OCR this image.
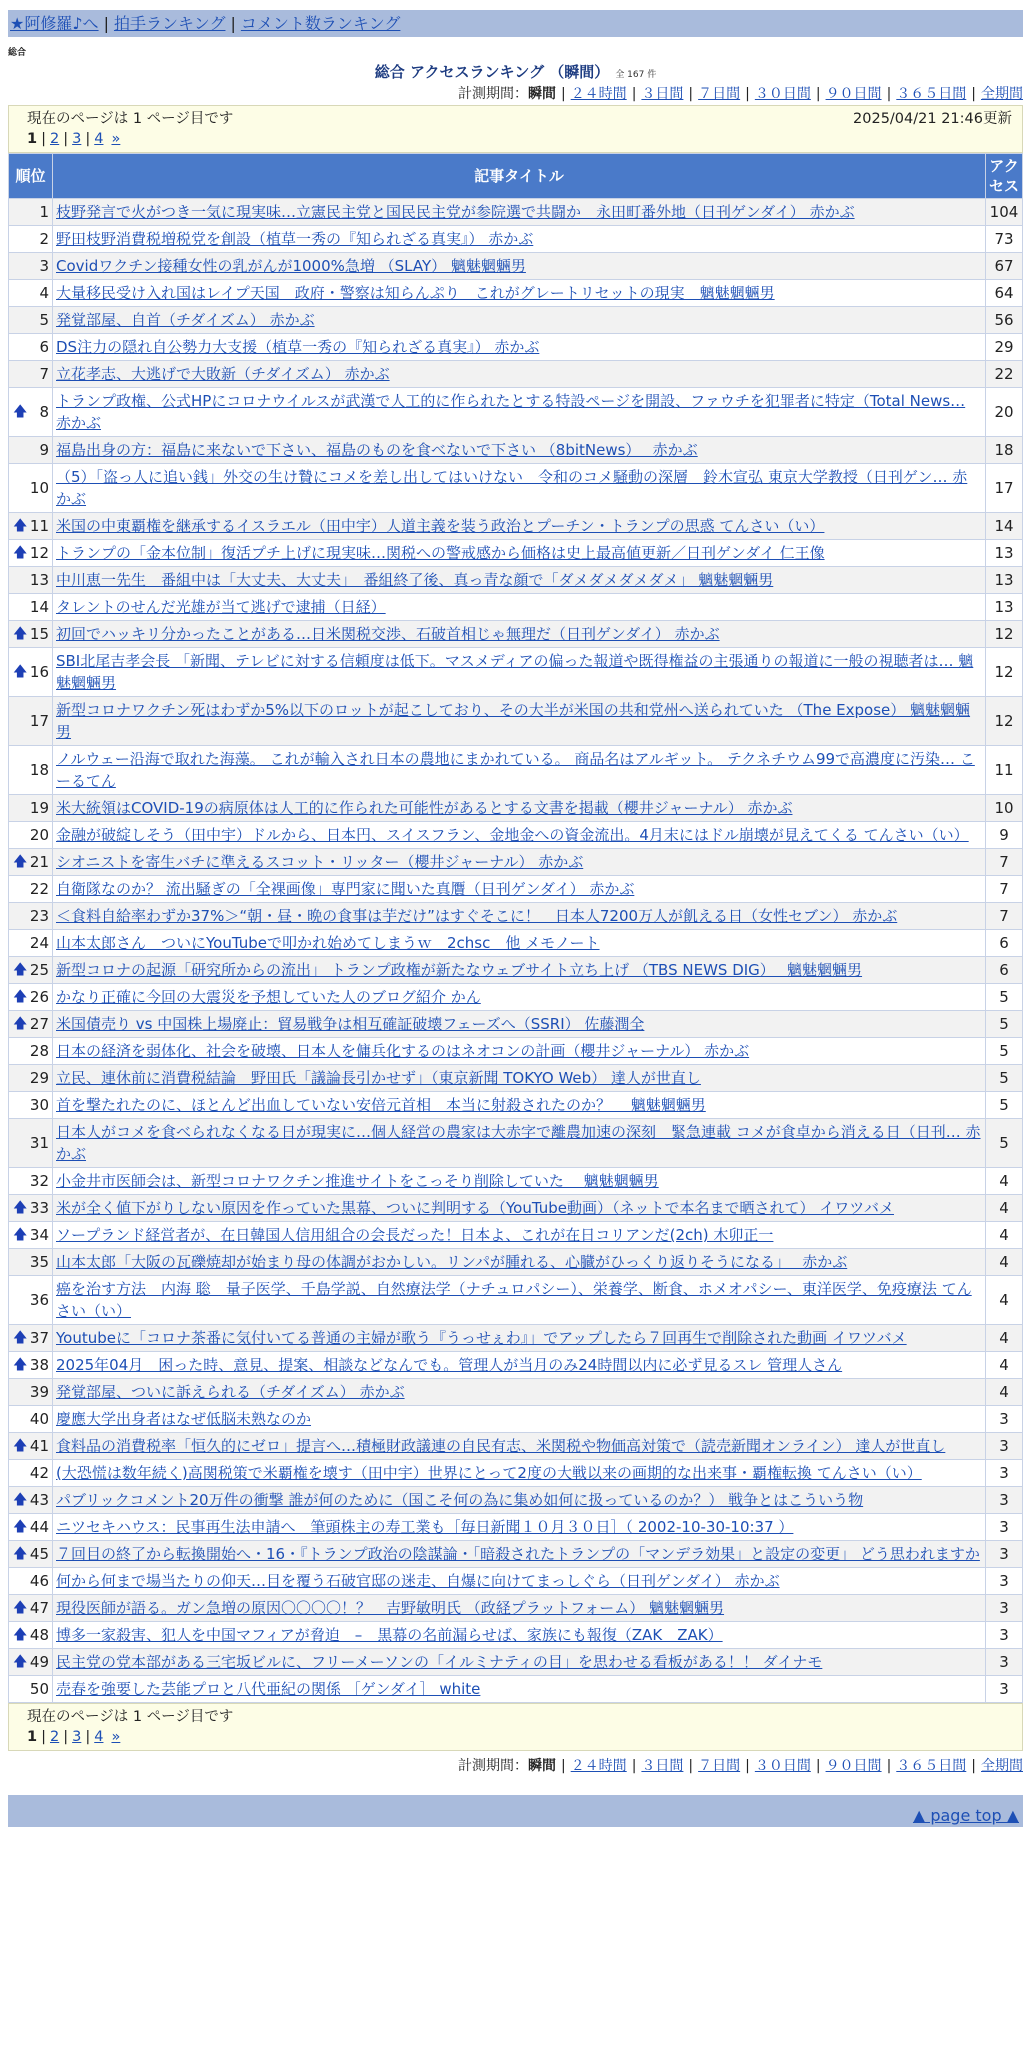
★阿修羅♪へ | 拍手ランキング | コメント数ランキング
総合
総合 アクセスランキング （瞬間） 全 167 件
計測期間：瞬間 | ２４時間 | ３日間 | ７日間 | ３０日間 | ９０日間 | ３６５日間 | 全期間
現在のページは 1 ページ目です	2025/04/21 21:46更新
1 | 2 | 3 | 4 »
順位	記事タイトル	アクセス
1	枝野発言で火がつき一気に現実味…立憲民主党と国民民主党が参院選で共闘か　永田町番外地（日刊ゲンダイ） 赤かぶ	104
2	野田枝野消費税増税党を創設（植草一秀の『知られざる真実』） 赤かぶ	73
3	Covidワクチン接種女性の乳がんが1000%急増 （SLAY） 魑魅魍魎男	67
4	大量移民受け入れ国はレイプ天国　政府・警察は知らんぷり　これがグレートリセットの現実　魑魅魍魎男	64
5	発覚部屋、自首（チダイズム） 赤かぶ	56
6	DS注力の隠れ自公勢力大支援（植草一秀の『知られざる真実』） 赤かぶ	29
7	立花孝志、大逃げで大敗新（チダイズム） 赤かぶ	22

🡅 8	トランプ政権、公式HPにコロナウイルスが武漢で人工的に作られたとする特設ページを開設、ファウチを犯罪者に特定（Total News… 赤かぶ	20
9	福島出身の方：福島に来ないで下さい、福島のものを食べないで下さい （8bitNews）　 赤かぶ	18
10	（5）「盗っ人に追い銭」外交の生け贄にコメを差し出してはいけない　令和のコメ騒動の深層　鈴木宣弘 東京大学教授（日刊ゲン… 赤かぶ	17

🡅 11	米国の中東覇権を継承するイスラエル（田中宇）人道主義を装う政治とプーチン・トランプの思惑 てんさい（い）	14

🡅 12	トランプの「金本位制」復活プチ上げに現実味…関税への警戒感から価格は史上最高値更新／日刊ゲンダイ 仁王像	13
13	中川恵一先生　番組中は「大丈夫、大丈夫」　番組終了後、真っ青な顔で「ダメダメダメダメ」 魑魅魍魎男	13
14	タレントのせんだ光雄が当て逃げで逮捕（日経）	13

🡅 15	初回でハッキリ分かったことがある…日米関税交渉、石破首相じゃ無理だ（日刊ゲンダイ） 赤かぶ	12

🡅 16	SBI北尾吉孝会長 「新聞、テレビに対する信頼度は低下。マスメディアの偏った報道や既得権益の主張通りの報道に一般の視聴者は… 魑魅魍魎男	12
17	新型コロナワクチン死はわずか5%以下のロットが起こしており、その大半が米国の共和党州へ送られていた （The Expose） 魑魅魍魎男	12
18	ノルウェー沿海で取れた海藻。 これが輸入され日本の農地にまかれている。 商品名はアルギット。 テクネチウム99で高濃度に汚染… こーるてん	11
19	米大統領はCOVID-19の病原体は人工的に作られた可能性があるとする文書を掲載（櫻井ジャーナル） 赤かぶ	10
20	金融が破綻しそう（田中宇）ドルから、日本円、スイスフラン、金地金への資金流出。4月末にはドル崩壊が見えてくる てんさい（い）	9

🡅 21	シオニストを寄生バチに準えるスコット・リッター（櫻井ジャーナル） 赤かぶ	7
22	自衛隊なのか？ 流出騒ぎの「全裸画像」専門家に聞いた真贋（日刊ゲンダイ） 赤かぶ	7
23	＜食料自給率わずか37%＞“朝・昼・晩の食事は芋だけ”はすぐそこに！　日本人7200万人が飢える日（女性セブン） 赤かぶ	7
24	山本太郎さん　ついにYouTubeで叩かれ始めてしまうｗ　2chsc　他 メモノート	6

🡅 25	新型コロナの起源「研究所からの流出」 トランプ政権が新たなウェブサイト立ち上げ （TBS NEWS DIG）　 魑魅魍魎男	6

🡅 26	かなり正確に今回の大震災を予想していた人のブログ紹介 かん	5

🡅 27	米国債売り vs 中国株上場廃止：貿易戦争は相互確証破壊フェーズへ（SSRI） 佐藤潤全	5
28	日本の経済を弱体化、社会を破壊、日本人を傭兵化するのはネオコンの計画（櫻井ジャーナル） 赤かぶ	5
29	立民、連休前に消費税結論　野田氏「議論長引かせず」（東京新聞 TOKYO Web） 達人が世直し	5
30	首を撃たれたのに、ほとんど出血していない安倍元首相　本当に射殺されたのか？　 魑魅魍魎男	5
31	日本人がコメを食べられなくなる日が現実に…個人経営の農家は大赤字で離農加速の深刻　緊急連載 コメが食卓から消える日（日刊… 赤かぶ	5
32	小金井市医師会は、新型コロナワクチン推進サイトをこっそり削除していた　 魑魅魍魎男	4

🡅 33	米が全く値下がりしない原因を作っていた黒幕、ついに判明する（YouTube動画）（ネットで本名まで晒されて） イワツバメ	4

🡅 34	ソープランド経営者が、在日韓国人信用組合の会長だった！日本よ、これが在日コリアンだ(2ch) 木卯正一	4
35	山本太郎「大阪の瓦礫焼却が始まり母の体調がおかしい。リンパが腫れる、心臓がひっくり返りそうになる」　 赤かぶ	4
36	癌を治す方法　内海 聡　量子医学、千島学説、自然療法学（ナチュロパシー）、栄養学、断食、ホメオパシー、東洋医学、免疫療法 てんさい（い）	4

🡅 37	Youtubeに「コロナ茶番に気付いてる普通の主婦が歌う『うっせぇわ』」でアップしたら７回再生で削除された動画 イワツバメ	4

🡅 38	2025年04月　困った時、意見、提案、相談などなんでも。管理人が当月のみ24時間以内に必ず見るスレ 管理人さん	4
39	発覚部屋、ついに訴えられる（チダイズム） 赤かぶ	4
40	慶應大学出身者はなぜ低脳未熟なのか	3

🡅 41	食料品の消費税率「恒久的にゼロ」提言へ…積極財政議連の自民有志、米関税や物価高対策で（読売新聞オンライン） 達人が世直し	3
42	(大恐慌は数年続く)高関税策で米覇権を壊す（田中宇）世界にとって2度の大戦以来の画期的な出来事・覇権転換 てんさい（い）	3

🡅 43	パブリックコメント20万件の衝撃 誰が何のために（国こそ何の為に集め如何に扱っているのか？） 戦争とはこういう物	3

🡅 44	ニツセキハウス：民事再生法申請へ　筆頭株主の寿工業も［毎日新聞１０月３０日］（ 2002-10-30-10:37 ）	3

🡅 45	７回目の終了から転換開始へ・16・『トランプ政治の陰謀論・「暗殺されたトランプの「マンデラ効果」と設定の変更」 どう思われますか	3
46	何から何まで場当たりの仰天…目を覆う石破官邸の迷走、自爆に向けてまっしぐら（日刊ゲンダイ） 赤かぶ	3

🡅 47	現役医師が語る。ガン急増の原因〇〇〇〇！？　吉野敏明氏 （政経プラットフォーム） 魑魅魍魎男	3

🡅 48	博多一家殺害、犯人を中国マフィアが脅迫　–　黒幕の名前漏らせば、家族にも報復（ZAK　ZAK）	3

🡅 49	民主党の党本部がある三宅坂ビルに、フリーメーソンの「イルミナティの目」を思わせる看板がある！！ ダイナモ	3
50	売春を強要した芸能プロと八代亜紀の関係 ［ゲンダイ］ white	3
現在のページは 1 ページ目です
1 | 2 | 3 | 4 »
計測期間：瞬間 | ２４時間 | ３日間 | ７日間 | ３０日間 | ９０日間 | ３６５日間 | 全期間
▲ page top ▲
